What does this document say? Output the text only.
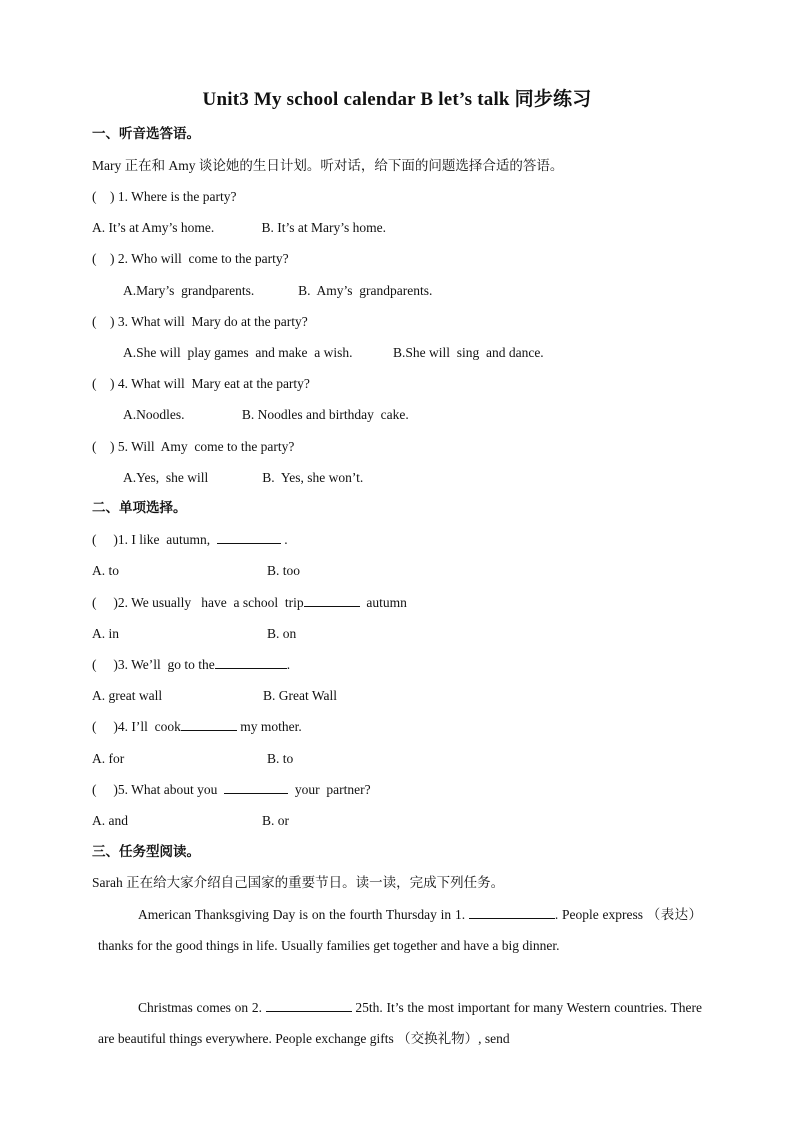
Unit3 My school calendar B let’s talk 同步练习
一、听音选答语。
Mary 正在和 Amy 谈论她的生日计划。听对话，给下面的问题选择合适的答语。
(    ) 1. Where is the party?
A. It’s at Amy’s home.              B. It’s at Mary’s home.
(    ) 2. Who will  come to the party?
A.Mary’s  grandparents.             B.  Amy’s  grandparents.
(    ) 3. What will  Mary do at the party?
A.She will  play games  and make  a wish.            B.She will  sing  and dance.
(    ) 4. What will  Mary eat at the party?
A.Noodles.                 B. Noodles and birthday  cake.
(    ) 5. Will  Amy  come to the party?
A.Yes,  she will                B.  Yes, she won’t.
二、单项选择。
(     )1. I like  autumn,	.
A. to	B. too
(     )2. We usually   have  a school  trip	autumn
A. in	B. on
(     )3. We’ll  go to the	.
A. great wall	B. Great Wall
(     )4. I’ll  cook	my mother.
A. for	B. to
(     )5. What about you	your  partner?
A. and	B. or
三、任务型阅读。
Sarah 正在给大家介绍自己国家的重要节日。读一读，完成下列任务。
American Thanksgiving Day is on the fourth Thursday in 1.	. People express （表达）thanks for the good things in life. Usually families get together and have a big dinner.
Christmas comes on 2.	25th. It’s the most important for many Western countries. There are beautiful things everywhere. People exchange gifts （交换礼物）, send
